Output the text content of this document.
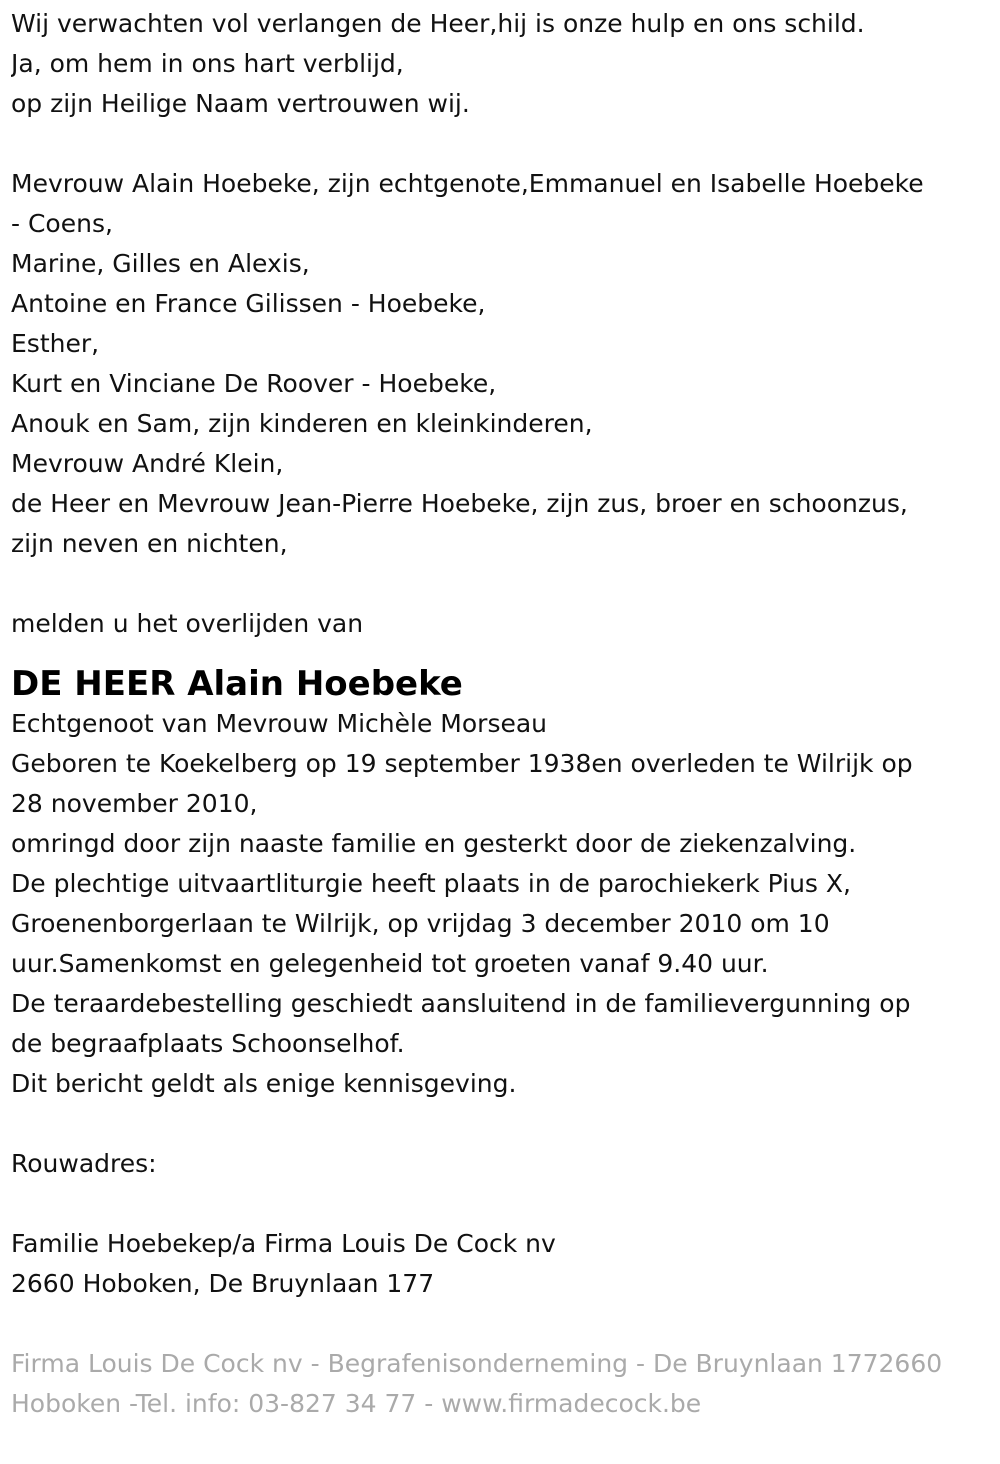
Wij verwachten vol verlangen de Heer,hij is onze hulp en ons schild.
Ja, om hem in ons hart verblijd,
op zijn Heilige Naam vertrouwen wij.
Mevrouw Alain Hoebeke, zijn echtgenote,Emmanuel en Isabelle Hoebeke
- Coens,
Marine, Gilles en Alexis,
Antoine en France Gilissen - Hoebeke,
Esther,
Kurt en Vinciane De Roover - Hoebeke,
Anouk en Sam, zijn kinderen en kleinkinderen,
Mevrouw André Klein,
de Heer en Mevrouw Jean-Pierre Hoebeke, zijn zus, broer en schoonzus,
zijn neven en nichten,
melden u het overlijden van
DE HEER Alain Hoebeke
Echtgenoot van Mevrouw Michèle Morseau
Geboren te Koekelberg op 19 september 1938en overleden te Wilrijk op
28 november 2010,
omringd door zijn naaste familie en gesterkt door de ziekenzalving.
De plechtige uitvaartliturgie heeft plaats in de parochiekerk Pius X,
Groenenborgerlaan te Wilrijk, op vrijdag 3 december 2010 om 10
uur.Samenkomst en gelegenheid tot groeten vanaf 9.40 uur.
De teraardebestelling geschiedt aansluitend in de familievergunning op
de begraafplaats Schoonselhof.
Dit bericht geldt als enige kennisgeving.
Rouwadres:
Familie Hoebekep/a Firma Louis De Cock nv
2660 Hoboken, De Bruynlaan 177
Firma Louis De Cock nv - Begrafenisonderneming - De Bruynlaan 1772660
Hoboken -Tel. info: 03-827 34 77 - www.firmadecock.be
